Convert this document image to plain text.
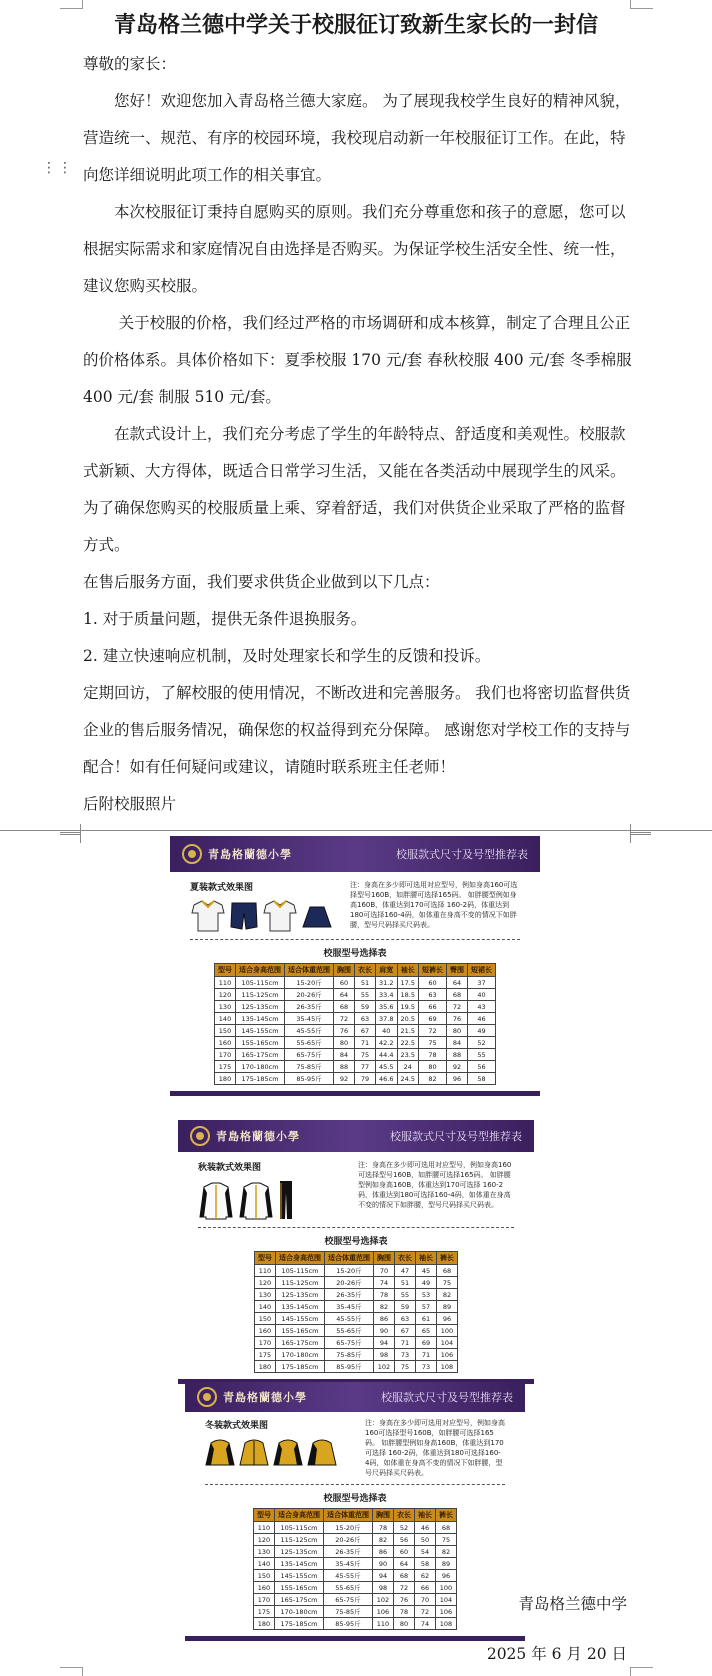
⋮⋮
青岛格兰德中学关于校服征订致新生家长的一封信

尊敬的家长：

您好！欢迎您加入青岛格兰德大家庭。 为了展现我校学生良好的精神风貌，营造统一、规范、有序的校园环境，我校现启动新一年校服征订工作。在此，特向您详细说明此项工作的相关事宜。

本次校服征订秉持自愿购买的原则。我们充分尊重您和孩子的意愿，您可以根据实际需求和家庭情况自由选择是否购买。为保证学校生活安全性、统一性，建议您购买校服。

关于校服的价格，我们经过严格的市场调研和成本核算，制定了合理且公正的价格体系。具体价格如下：夏季校服 170 元/套 春秋校服 400 元/套 冬季棉服 400 元/套 制服 510 元/套。

在款式设计上，我们充分考虑了学生的年龄特点、舒适度和美观性。校服款式新颖、大方得体，既适合日常学习生活，又能在各类活动中展现学生的风采。为了确保您购买的校服质量上乘、穿着舒适，我们对供货企业采取了严格的监督方式。

在售后服务方面，我们要求供货企业做到以下几点：

1. 对于质量问题，提供无条件退换服务。

2. 建立快速响应机制，及时处理家长和学生的反馈和投诉。

定期回访，了解校服的使用情况，不断改进和完善服务。 我们也将密切监督供货企业的售后服务情况，确保您的权益得到充分保障。 感谢您对学校工作的支持与配合！如有任何疑问或建议，请随时联系班主任老师！

后附校服照片

青島格蘭德小學	校服款式尺寸及号型推荐表
夏装款式效果图	注：身高在多少即可选用对应型号，例如身高160可选择型号160B，如胖腰可选择165码。 如胖腰型例如身高160B，体重达到170可选择 160-2码，体重达到180可选择160-4码，如体重在身高不变的情况下如胖腰，型号尺码择买尺码表。
校服型号选择表
型号	适合身高范围	适合体重范围	胸围	衣长	肩宽	袖长	短裤长	臀围	短裙长
110	105-115cm	15-20斤	60	51	31.2	17.5	60	64	37
120	115-125cm	20-26斤	64	55	33.4	18.5	63	68	40
130	125-135cm	26-35斤	68	59	35.6	19.5	66	72	43
140	135-145cm	35-45斤	72	63	37.8	20.5	69	76	46
150	145-155cm	45-55斤	76	67	40	21.5	72	80	49
160	155-165cm	55-65斤	80	71	42.2	22.5	75	84	52
170	165-175cm	65-75斤	84	75	44.4	23.5	78	88	55
175	170-180cm	75-85斤	88	77	45.5	24	80	92	56
180	175-185cm	85-95斤	92	79	46.6	24.5	82	96	58
青島格蘭德小學	校服款式尺寸及号型推荐表
秋装款式效果图	注：身高在多少即可选用对应型号，例如身高160可选择型号160B，如胖腰可选择165码。 如胖腰型例如身高160B，体重达到170可选择 160-2码，体重达到180可选择160-4码，如体重在身高不变的情况下如胖腰，型号尺码择买尺码表。
校服型号选择表
型号	适合身高范围	适合体重范围	胸围	衣长	袖长	裤长
110	105-115cm	15-20斤	70	47	45	68
120	115-125cm	20-26斤	74	51	49	75
130	125-135cm	26-35斤	78	55	53	82
140	135-145cm	35-45斤	82	59	57	89
150	145-155cm	45-55斤	86	63	61	96
160	155-165cm	55-65斤	90	67	65	100
170	165-175cm	65-75斤	94	71	69	104
175	170-180cm	75-85斤	98	73	71	106
180	175-185cm	85-95斤	102	75	73	108
青島格蘭德小學	校服款式尺寸及号型推荐表
冬装款式效果图	注：身高在多少即可选用对应型号，例如身高160可选择型号160B，如胖腰可选择165码。 如胖腰型例如身高160B，体重达到170可选择 160-2码，体重达到180可选择160-4码，如体重在身高不变的情况下如胖腰，型号尺码择买尺码表。
校服型号选择表
型号	适合身高范围	适合体重范围	胸围	衣长	袖长	裤长
110	105-115cm	15-20斤	78	52	46	68
120	115-125cm	20-26斤	82	56	50	75
130	125-135cm	26-35斤	86	60	54	82
140	135-145cm	35-45斤	90	64	58	89
150	145-155cm	45-55斤	94	68	62	96
160	155-165cm	55-65斤	98	72	66	100
170	165-175cm	65-75斤	102	76	70	104
175	170-180cm	75-85斤	106	78	72	106
180	175-185cm	85-95斤	110	80	74	108
青岛格兰德中学
2025 年 6 月 20 日
